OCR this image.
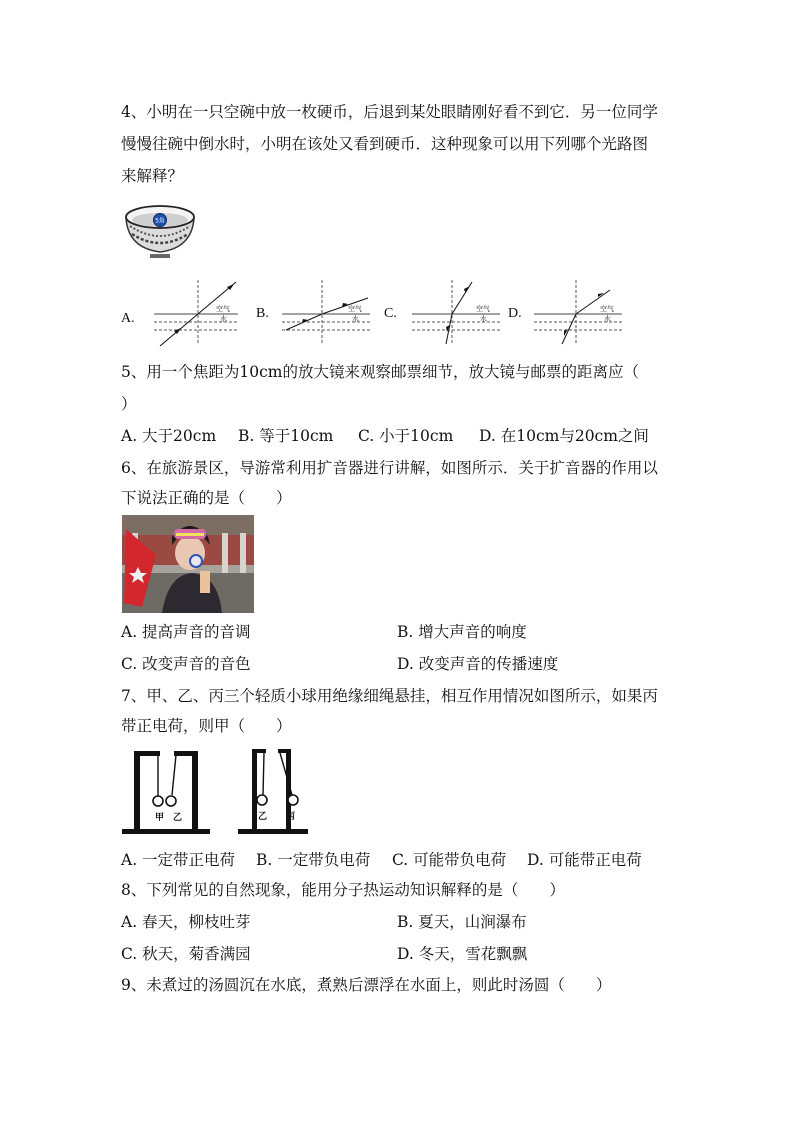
4、小明在一只空碗中放一枚硬币，后退到某处眼睛刚好看不到它．另一位同学
慢慢往碗中倒水时，小明在该处又看到硬币．这种现象可以用下列哪个光路图
来解释？
5角
A.
空气
水 B.	空气
水 C.	空气
水 D.	空气
水
5、用一个焦距为10cm的放大镜来观察邮票细节，放大镜与邮票的距离应（
）
A. 大于20cm B. 等于10cm C. 小于10cm D. 在10cm与20cm之间
6、在旅游景区，导游常利用扩音器进行讲解，如图所示．关于扩音器的作用以
下说法正确的是（　　）
A. 提高声音的音调	B. 增大声音的响度
C. 改变声音的音色	D. 改变声音的传播速度
7、甲、乙、丙三个轻质小球用绝缘细绳悬挂，相互作用情况如图所示，如果丙
带正电荷，则甲（　　）
甲 乙	乙 丙
A. 一定带正电荷 B. 一定带负电荷 C. 可能带负电荷 D. 可能带正电荷
8、下列常见的自然现象，能用分子热运动知识解释的是（　　）
A. 春天，柳枝吐芽	B. 夏天，山涧瀑布
C. 秋天，菊香满园	D. 冬天，雪花飘飘
9、未煮过的汤圆沉在水底，煮熟后漂浮在水面上，则此时汤圆（　　）
